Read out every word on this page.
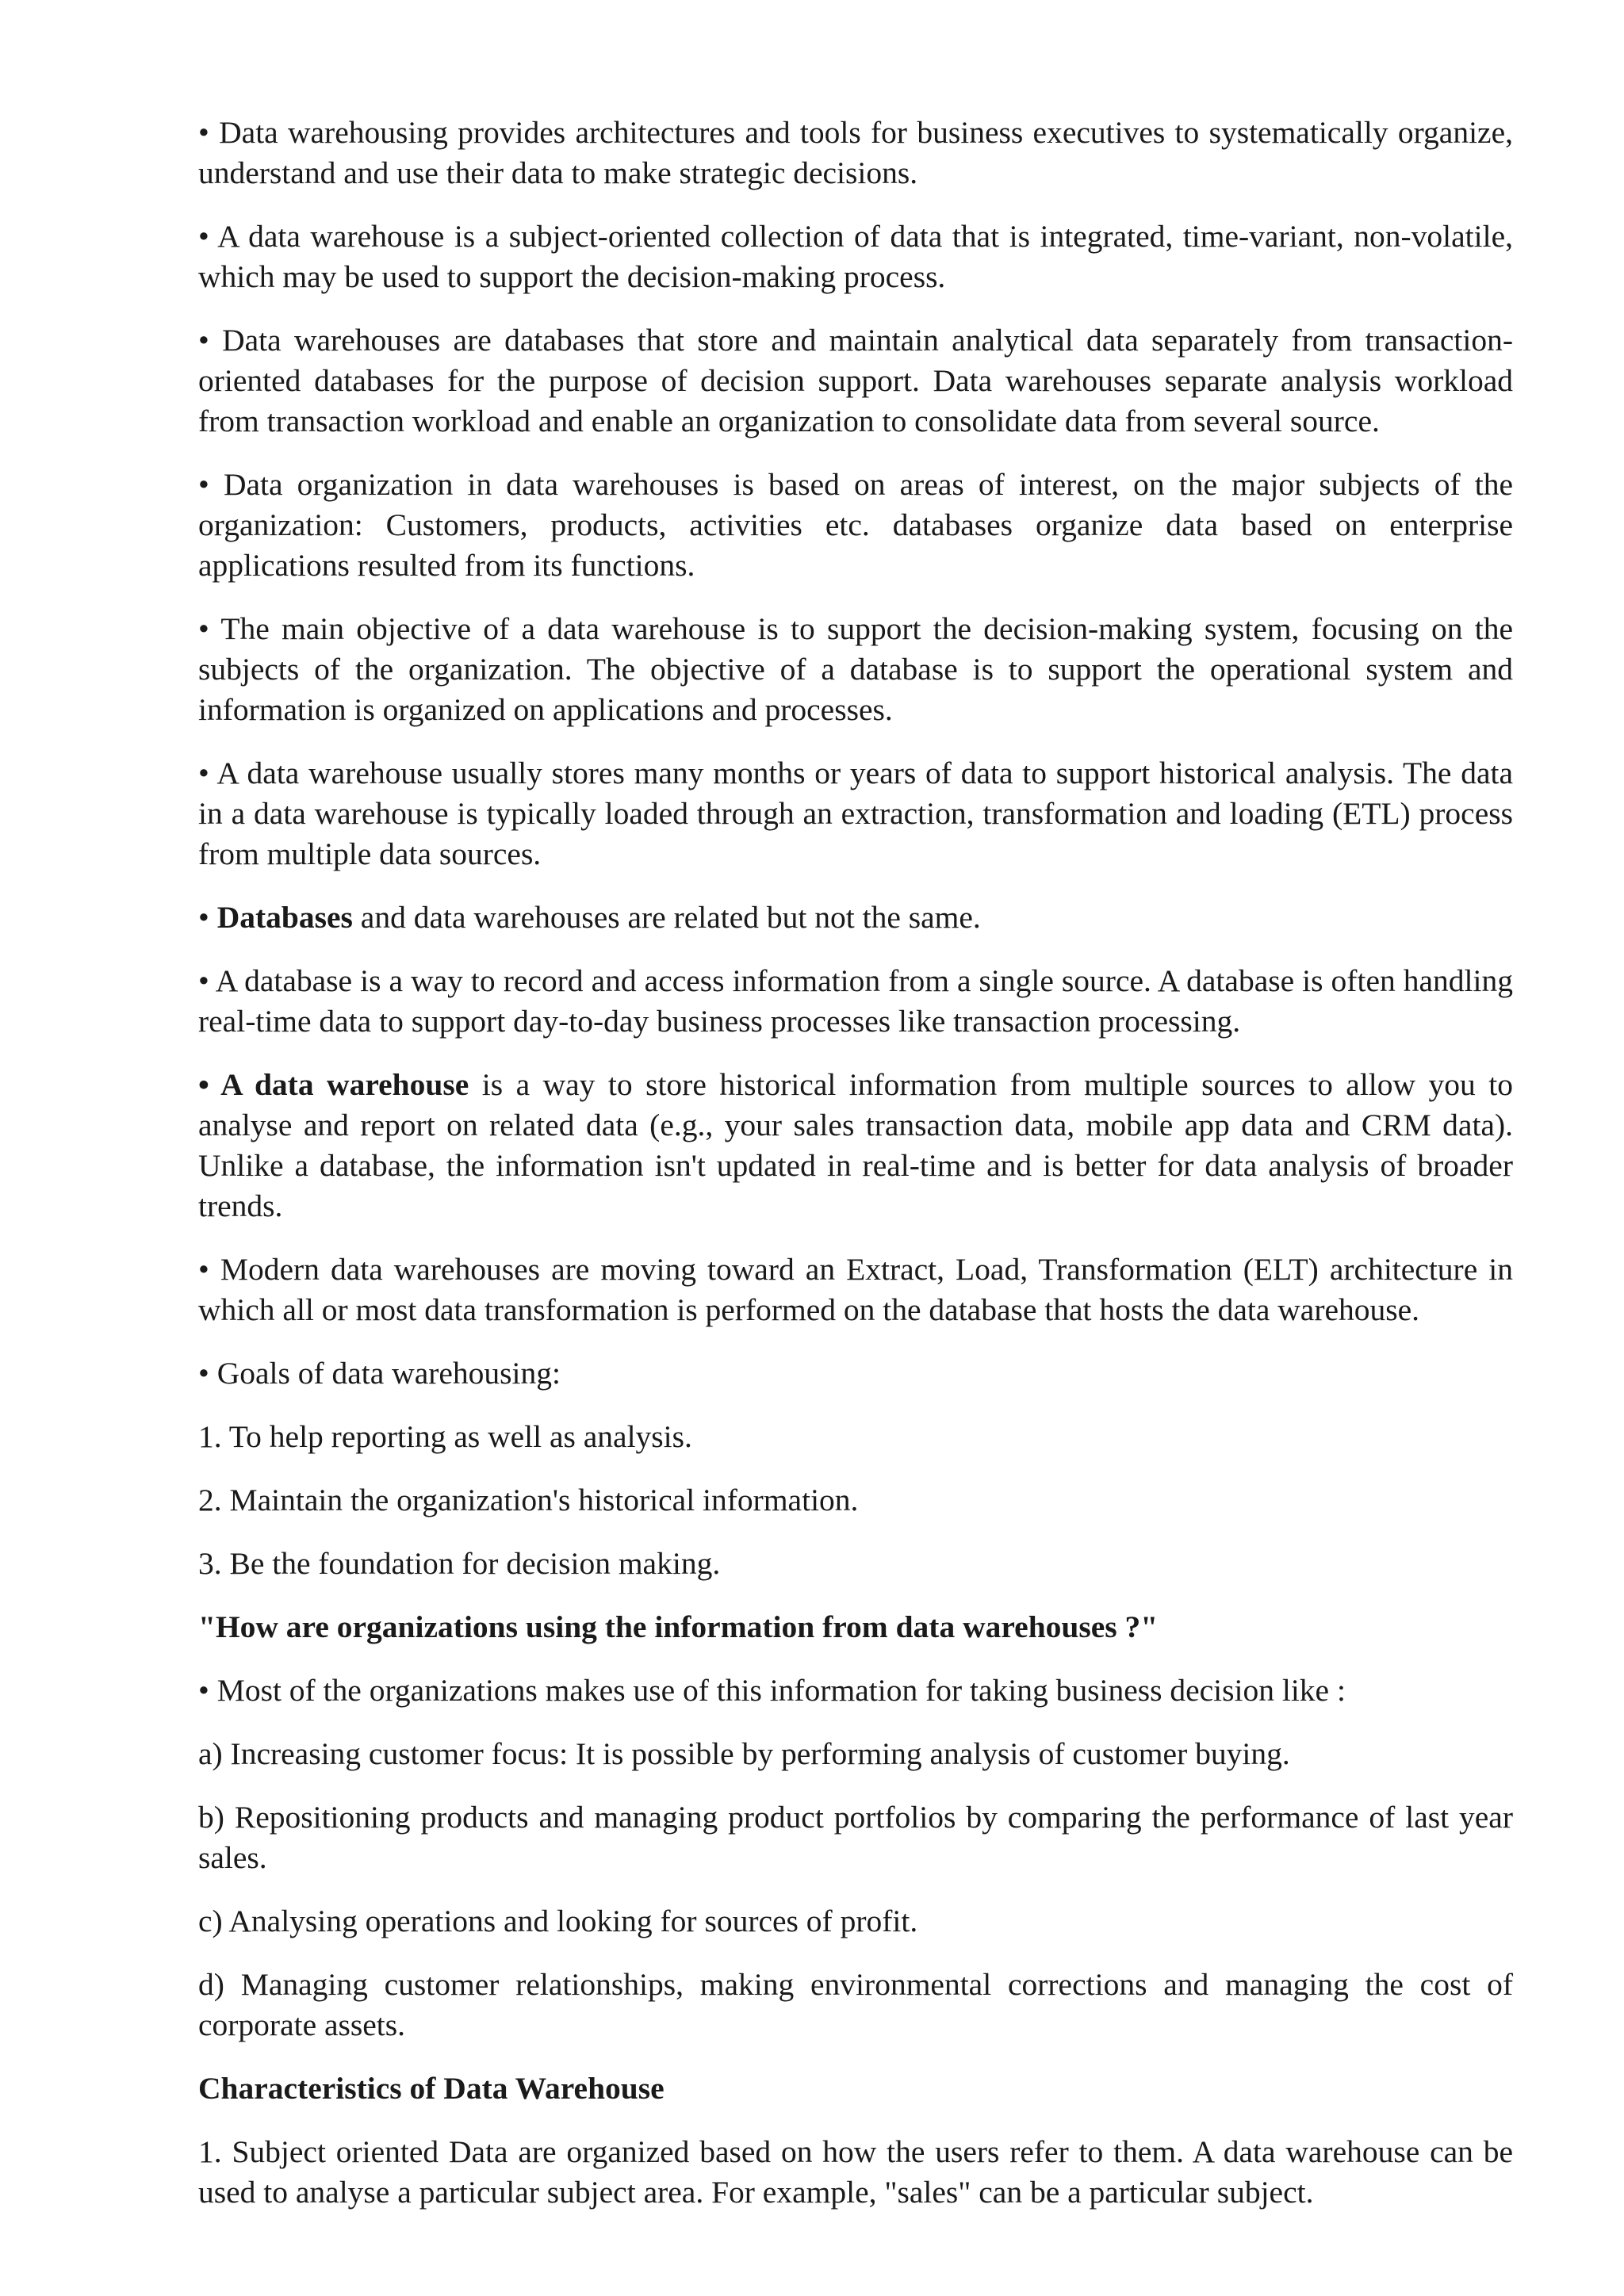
• Data warehousing provides architectures and tools for business executives to systematically organize, understand and use their data to make strategic decisions.

• A data warehouse is a subject-oriented collection of data that is integrated, time-variant, non-volatile, which may be used to support the decision-making process.

• Data warehouses are databases that store and maintain analytical data separately from transaction-oriented databases for the purpose of decision support. Data warehouses separate analysis workload from transaction workload and enable an organization to consolidate data from several source.

• Data organization in data warehouses is based on areas of interest, on the major subjects of the organization: Customers, products, activities etc. databases organize data based on enterprise applications resulted from its functions.

• The main objective of a data warehouse is to support the decision-making system, focusing on the subjects of the organization. The objective of a database is to support the operational system and information is organized on applications and processes.

• A data warehouse usually stores many months or years of data to support historical analysis. The data in a data warehouse is typically loaded through an extraction, transformation and loading (ETL) process from multiple data sources.

• Databases and data warehouses are related but not the same.

• A database is a way to record and access information from a single source. A database is often handling real-time data to support day-to-day business processes like transaction processing.

• A data warehouse is a way to store historical information from multiple sources to allow you to analyse and report on related data (e.g., your sales transaction data, mobile app data and CRM data). Unlike a database, the information isn't updated in real-time and is better for data analysis of broader trends.

• Modern data warehouses are moving toward an Extract, Load, Transformation (ELT) architecture in which all or most data transformation is performed on the database that hosts the data warehouse.

• Goals of data warehousing:

1. To help reporting as well as analysis.

2. Maintain the organization's historical information.

3. Be the foundation for decision making.

"How are organizations using the information from data warehouses ?"

• Most of the organizations makes use of this information for taking business decision like :

a) Increasing customer focus: It is possible by performing analysis of customer buying.

b) Repositioning products and managing product portfolios by comparing the performance of last year sales.

c) Analysing operations and looking for sources of profit.

d) Managing customer relationships, making environmental corrections and managing the cost of corporate assets.

Characteristics of Data Warehouse

1. Subject oriented Data are organized based on how the users refer to them. A data warehouse can be used to analyse a particular subject area. For example, "sales" can be a particular subject.
